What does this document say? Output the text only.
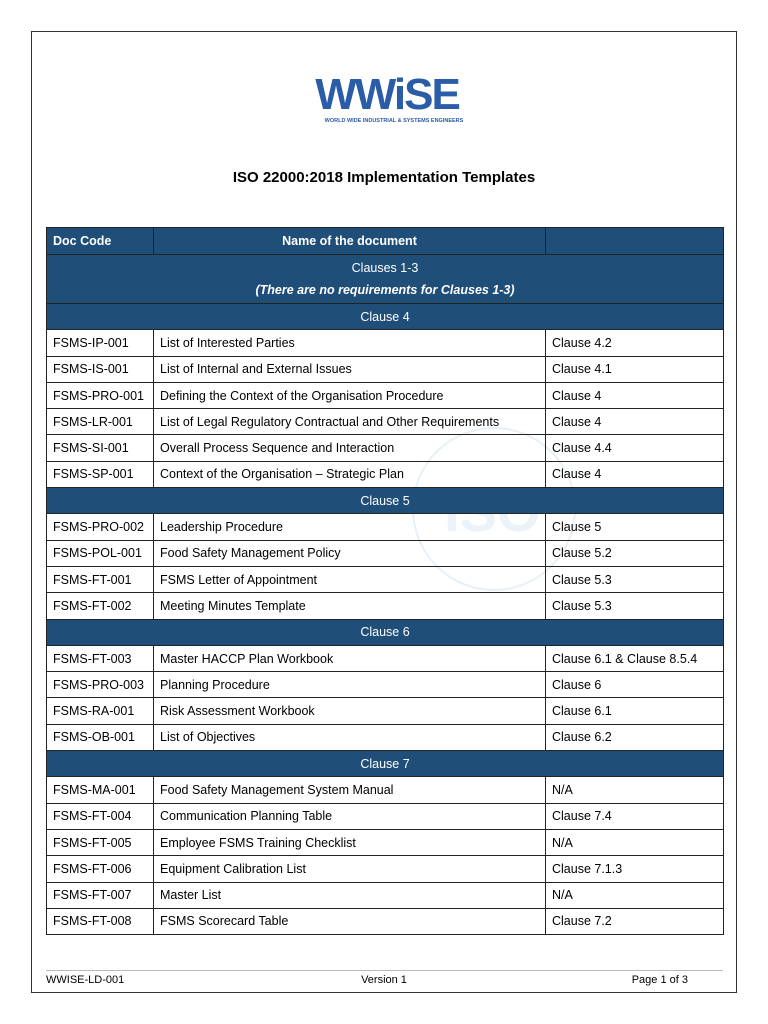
WWiSE
WORLD WIDE INDUSTRIAL & SYSTEMS ENGINEERS
ISO 22000:2018 Implementation Templates
Doc Code	Name of the document	

Clauses 1-3
(There are no requirements for Clauses 1-3)		

Clause 4		
FSMS-IP-001	List of Interested Parties	Clause 4.2
FSMS-IS-001	List of Internal and External Issues	Clause 4.1
FSMS-PRO-001	Defining the Context of the Organisation Procedure	Clause 4
FSMS-LR-001	List of Legal Regulatory Contractual and Other Requirements	Clause 4
FSMS-SI-001	Overall Process Sequence and Interaction	Clause 4.4
FSMS-SP-001	Context of the Organisation – Strategic Plan	Clause 4
Clause 5		
FSMS-PRO-002	Leadership Procedure	Clause 5
FSMS-POL-001	Food Safety Management Policy	Clause 5.2
FSMS-FT-001	FSMS Letter of Appointment	Clause 5.3
FSMS-FT-002	Meeting Minutes Template	Clause 5.3
Clause 6		
FSMS-FT-003	Master HACCP Plan Workbook	Clause 6.1 & Clause 8.5.4
FSMS-PRO-003	Planning Procedure	Clause 6
FSMS-RA-001	Risk Assessment Workbook	Clause 6.1
FSMS-OB-001	List of Objectives	Clause 6.2
Clause 7		
FSMS-MA-001	Food Safety Management System Manual	N/A
FSMS-FT-004	Communication Planning Table	Clause 7.4
FSMS-FT-005	Employee FSMS Training Checklist	N/A
FSMS-FT-006	Equipment Calibration List	Clause 7.1.3
FSMS-FT-007	Master List	N/A
FSMS-FT-008	FSMS Scorecard Table	Clause 7.2
WWISE-LD-001	Version 1	Page 1 of 3
